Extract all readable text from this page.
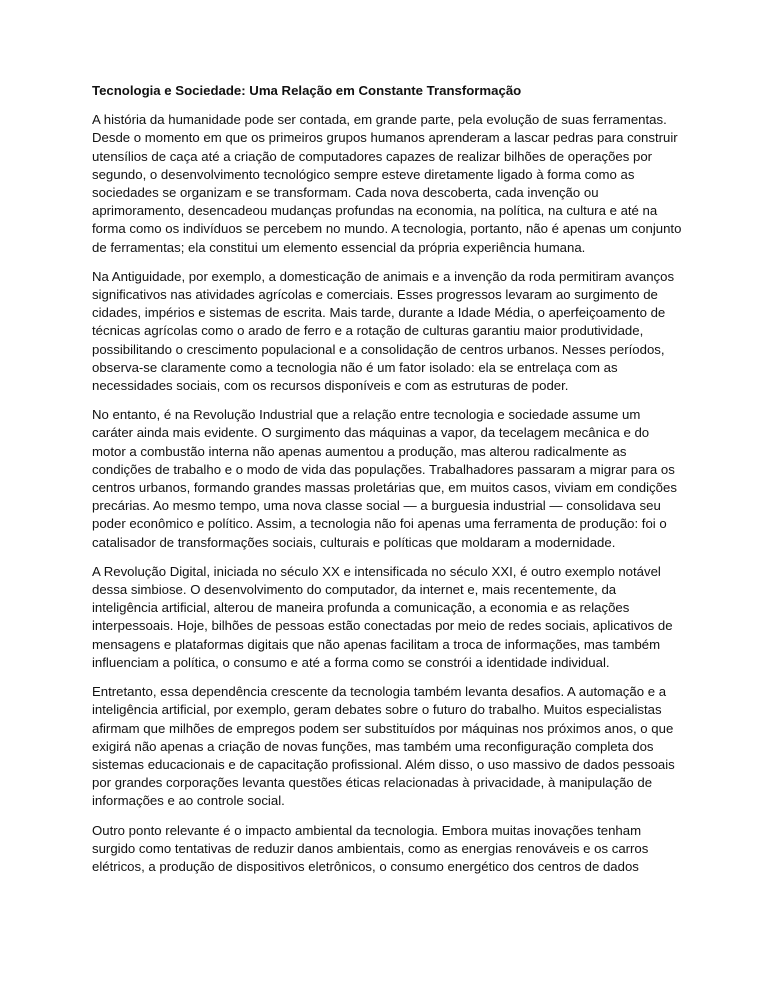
Tecnologia e Sociedade: Uma Relação em Constante Transformação

A história da humanidade pode ser contada, em grande parte, pela evolução de suas ferramentas. Desde o momento em que os primeiros grupos humanos aprenderam a lascar pedras para construir utensílios de caça até a criação de computadores capazes de realizar bilhões de operações por segundo, o desenvolvimento tecnológico sempre esteve diretamente ligado à forma como as sociedades se organizam e se transformam. Cada nova descoberta, cada invenção ou aprimoramento, desencadeou mudanças profundas na economia, na política, na cultura e até na forma como os indivíduos se percebem no mundo. A tecnologia, portanto, não é apenas um conjunto de ferramentas; ela constitui um elemento essencial da própria experiência humana.

Na Antiguidade, por exemplo, a domesticação de animais e a invenção da roda permitiram avanços significativos nas atividades agrícolas e comerciais. Esses progressos levaram ao surgimento de cidades, impérios e sistemas de escrita. Mais tarde, durante a Idade Média, o aperfeiçoamento de técnicas agrícolas como o arado de ferro e a rotação de culturas garantiu maior produtividade, possibilitando o crescimento populacional e a consolidação de centros urbanos. Nesses períodos, observa-se claramente como a tecnologia não é um fator isolado: ela se entrelaça com as necessidades sociais, com os recursos disponíveis e com as estruturas de poder.

No entanto, é na Revolução Industrial que a relação entre tecnologia e sociedade assume um caráter ainda mais evidente. O surgimento das máquinas a vapor, da tecelagem mecânica e do motor a combustão interna não apenas aumentou a produção, mas alterou radicalmente as condições de trabalho e o modo de vida das populações. Trabalhadores passaram a migrar para os centros urbanos, formando grandes massas proletárias que, em muitos casos, viviam em condições precárias. Ao mesmo tempo, uma nova classe social — a burguesia industrial — consolidava seu poder econômico e político. Assim, a tecnologia não foi apenas uma ferramenta de produção: foi o catalisador de transformações sociais, culturais e políticas que moldaram a modernidade.

A Revolução Digital, iniciada no século XX e intensificada no século XXI, é outro exemplo notável dessa simbiose. O desenvolvimento do computador, da internet e, mais recentemente, da inteligência artificial, alterou de maneira profunda a comunicação, a economia e as relações interpessoais. Hoje, bilhões de pessoas estão conectadas por meio de redes sociais, aplicativos de mensagens e plataformas digitais que não apenas facilitam a troca de informações, mas também influenciam a política, o consumo e até a forma como se constrói a identidade individual.

Entretanto, essa dependência crescente da tecnologia também levanta desafios. A automação e a inteligência artificial, por exemplo, geram debates sobre o futuro do trabalho. Muitos especialistas afirmam que milhões de empregos podem ser substituídos por máquinas nos próximos anos, o que exigirá não apenas a criação de novas funções, mas também uma reconfiguração completa dos sistemas educacionais e de capacitação profissional. Além disso, o uso massivo de dados pessoais por grandes corporações levanta questões éticas relacionadas à privacidade, à manipulação de informações e ao controle social.

Outro ponto relevante é o impacto ambiental da tecnologia. Embora muitas inovações tenham surgido como tentativas de reduzir danos ambientais, como as energias renováveis e os carros elétricos, a produção de dispositivos eletrônicos, o consumo energético dos centros de dados
